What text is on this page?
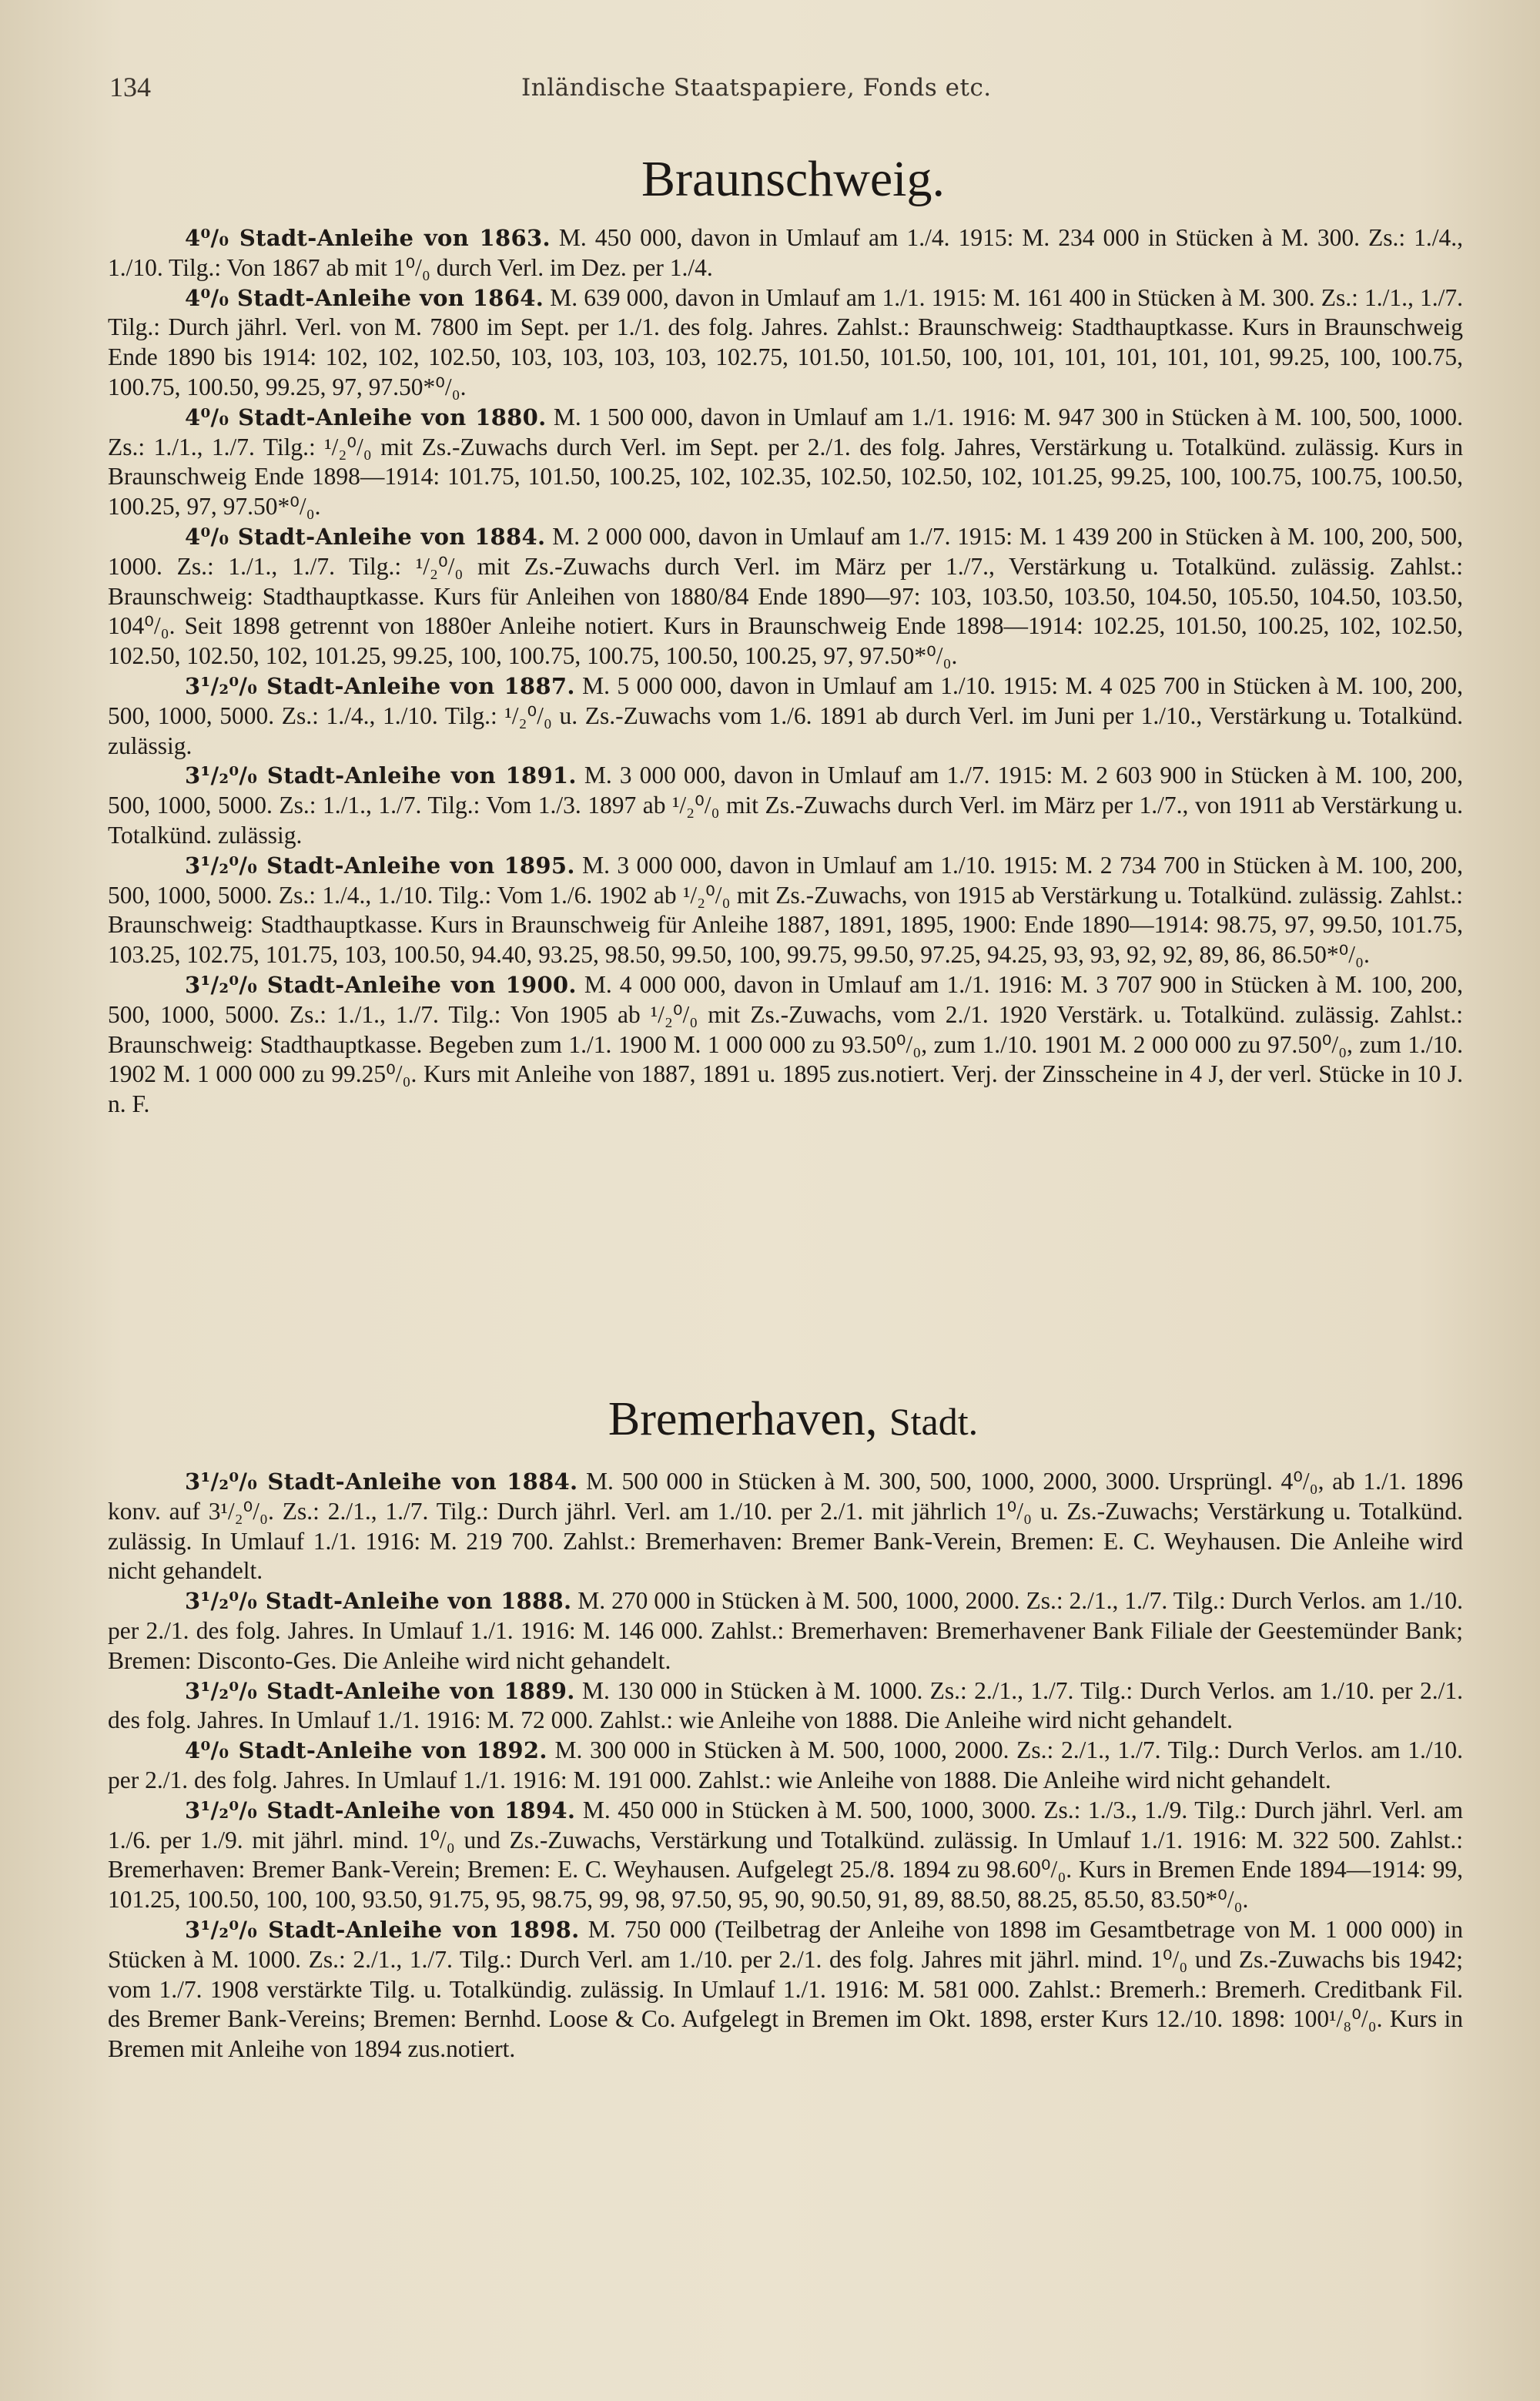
134	Inländische Staatspapiere, Fonds etc.
Braunschweig.

4⁰/₀ Stadt-Anleihe von 1863. M. 450 000, davon in Umlauf am 1./4. 1915: M. 234 000 in Stücken à M. 300. Zs.: 1./4., 1./10. Tilg.: Von 1867 ab mit 1⁰/₀ durch Verl. im Dez. per 1./4.

4⁰/₀ Stadt-Anleihe von 1864. M. 639 000, davon in Umlauf am 1./1. 1915: M. 161 400 in Stücken à M. 300. Zs.: 1./1., 1./7. Tilg.: Durch jährl. Verl. von M. 7800 im Sept. per 1./1. des folg. Jahres. Zahlst.: Braunschweig: Stadthauptkasse. Kurs in Braunschweig Ende 1890 bis 1914: 102, 102, 102.50, 103, 103, 103, 103, 102.75, 101.50, 101.50, 100, 101, 101, 101, 101, 101, 99.25, 100, 100.75, 100.75, 100.50, 99.25, 97, 97.50*⁰/₀.

4⁰/₀ Stadt-Anleihe von 1880. M. 1 500 000, davon in Umlauf am 1./1. 1916: M. 947 300 in Stücken à M. 100, 500, 1000. Zs.: 1./1., 1./7. Tilg.: ¹/₂⁰/₀ mit Zs.-Zuwachs durch Verl. im Sept. per 2./1. des folg. Jahres, Verstärkung u. Totalkünd. zulässig. Kurs in Braunschweig Ende 1898—1914: 101.75, 101.50, 100.25, 102, 102.35, 102.50, 102.50, 102, 101.25, 99.25, 100, 100.75, 100.75, 100.50, 100.25, 97, 97.50*⁰/₀.

4⁰/₀ Stadt-Anleihe von 1884. M. 2 000 000, davon in Umlauf am 1./7. 1915: M. 1 439 200 in Stücken à M. 100, 200, 500, 1000. Zs.: 1./1., 1./7. Tilg.: ¹/₂⁰/₀ mit Zs.-Zuwachs durch Verl. im März per 1./7., Verstärkung u. Totalkünd. zulässig. Zahlst.: Braunschweig: Stadthauptkasse. Kurs für Anleihen von 1880/84 Ende 1890—97: 103, 103.50, 103.50, 104.50, 105.50, 104.50, 103.50, 104⁰/₀. Seit 1898 getrennt von 1880er Anleihe notiert. Kurs in Braunschweig Ende 1898—1914: 102.25, 101.50, 100.25, 102, 102.50, 102.50, 102.50, 102, 101.25, 99.25, 100, 100.75, 100.75, 100.50, 100.25, 97, 97.50*⁰/₀.

3¹/₂⁰/₀ Stadt-Anleihe von 1887. M. 5 000 000, davon in Umlauf am 1./10. 1915: M. 4 025 700 in Stücken à M. 100, 200, 500, 1000, 5000. Zs.: 1./4., 1./10. Tilg.: ¹/₂⁰/₀ u. Zs.-Zuwachs vom 1./6. 1891 ab durch Verl. im Juni per 1./10., Verstärkung u. Totalkünd. zulässig.

3¹/₂⁰/₀ Stadt-Anleihe von 1891. M. 3 000 000, davon in Umlauf am 1./7. 1915: M. 2 603 900 in Stücken à M. 100, 200, 500, 1000, 5000. Zs.: 1./1., 1./7. Tilg.: Vom 1./3. 1897 ab ¹/₂⁰/₀ mit Zs.-Zuwachs durch Verl. im März per 1./7., von 1911 ab Verstärkung u. Totalkünd. zulässig.

3¹/₂⁰/₀ Stadt-Anleihe von 1895. M. 3 000 000, davon in Umlauf am 1./10. 1915: M. 2 734 700 in Stücken à M. 100, 200, 500, 1000, 5000. Zs.: 1./4., 1./10. Tilg.: Vom 1./6. 1902 ab ¹/₂⁰/₀ mit Zs.-Zuwachs, von 1915 ab Verstärkung u. Totalkünd. zulässig. Zahlst.: Braunschweig: Stadthauptkasse. Kurs in Braunschweig für Anleihe 1887, 1891, 1895, 1900: Ende 1890—1914: 98.75, 97, 99.50, 101.75, 103.25, 102.75, 101.75, 103, 100.50, 94.40, 93.25, 98.50, 99.50, 100, 99.75, 99.50, 97.25, 94.25, 93, 93, 92, 92, 89, 86, 86.50*⁰/₀.

3¹/₂⁰/₀ Stadt-Anleihe von 1900. M. 4 000 000, davon in Umlauf am 1./1. 1916: M. 3 707 900 in Stücken à M. 100, 200, 500, 1000, 5000. Zs.: 1./1., 1./7. Tilg.: Von 1905 ab ¹/₂⁰/₀ mit Zs.-Zuwachs, vom 2./1. 1920 Verstärk. u. Totalkünd. zulässig. Zahlst.: Braunschweig: Stadthauptkasse. Begeben zum 1./1. 1900 M. 1 000 000 zu 93.50⁰/₀, zum 1./10. 1901 M. 2 000 000 zu 97.50⁰/₀, zum 1./10. 1902 M. 1 000 000 zu 99.25⁰/₀. Kurs mit Anleihe von 1887, 1891 u. 1895 zus.notiert. Verj. der Zinsscheine in 4 J, der verl. Stücke in 10 J. n. F.

Bremerhaven, Stadt.

3¹/₂⁰/₀ Stadt-Anleihe von 1884. M. 500 000 in Stücken à M. 300, 500, 1000, 2000, 3000. Ursprüngl. 4⁰/₀, ab 1./1. 1896 konv. auf 3¹/₂⁰/₀. Zs.: 2./1., 1./7. Tilg.: Durch jährl. Verl. am 1./10. per 2./1. mit jährlich 1⁰/₀ u. Zs.-Zuwachs; Verstärkung u. Totalkünd. zulässig. In Umlauf 1./1. 1916: M. 219 700. Zahlst.: Bremerhaven: Bremer Bank-Verein, Bremen: E. C. Weyhausen. Die Anleihe wird nicht gehandelt.

3¹/₂⁰/₀ Stadt-Anleihe von 1888. M. 270 000 in Stücken à M. 500, 1000, 2000. Zs.: 2./1., 1./7. Tilg.: Durch Verlos. am 1./10. per 2./1. des folg. Jahres. In Umlauf 1./1. 1916: M. 146 000. Zahlst.: Bremerhaven: Bremerhavener Bank Filiale der Geestemünder Bank; Bremen: Disconto-Ges. Die Anleihe wird nicht gehandelt.

3¹/₂⁰/₀ Stadt-Anleihe von 1889. M. 130 000 in Stücken à M. 1000. Zs.: 2./1., 1./7. Tilg.: Durch Verlos. am 1./10. per 2./1. des folg. Jahres. In Umlauf 1./1. 1916: M. 72 000. Zahlst.: wie Anleihe von 1888. Die Anleihe wird nicht gehandelt.

4⁰/₀ Stadt-Anleihe von 1892. M. 300 000 in Stücken à M. 500, 1000, 2000. Zs.: 2./1., 1./7. Tilg.: Durch Verlos. am 1./10. per 2./1. des folg. Jahres. In Umlauf 1./1. 1916: M. 191 000. Zahlst.: wie Anleihe von 1888. Die Anleihe wird nicht gehandelt.

3¹/₂⁰/₀ Stadt-Anleihe von 1894. M. 450 000 in Stücken à M. 500, 1000, 3000. Zs.: 1./3., 1./9. Tilg.: Durch jährl. Verl. am 1./6. per 1./9. mit jährl. mind. 1⁰/₀ und Zs.-Zuwachs, Verstärkung und Totalkünd. zulässig. In Umlauf 1./1. 1916: M. 322 500. Zahlst.: Bremerhaven: Bremer Bank-Verein; Bremen: E. C. Weyhausen. Aufgelegt 25./8. 1894 zu 98.60⁰/₀. Kurs in Bremen Ende 1894—1914: 99, 101.25, 100.50, 100, 100, 93.50, 91.75, 95, 98.75, 99, 98, 97.50, 95, 90, 90.50, 91, 89, 88.50, 88.25, 85.50, 83.50*⁰/₀.

3¹/₂⁰/₀ Stadt-Anleihe von 1898. M. 750 000 (Teilbetrag der Anleihe von 1898 im Gesamtbetrage von M. 1 000 000) in Stücken à M. 1000. Zs.: 2./1., 1./7. Tilg.: Durch Verl. am 1./10. per 2./1. des folg. Jahres mit jährl. mind. 1⁰/₀ und Zs.-Zuwachs bis 1942; vom 1./7. 1908 verstärkte Tilg. u. Totalkündig. zulässig. In Umlauf 1./1. 1916: M. 581 000. Zahlst.: Bremerh.: Bremerh. Creditbank Fil. des Bremer Bank-Vereins; Bremen: Bernhd. Loose & Co. Aufgelegt in Bremen im Okt. 1898, erster Kurs 12./10. 1898: 100¹/₈⁰/₀. Kurs in Bremen mit Anleihe von 1894 zus.notiert.
